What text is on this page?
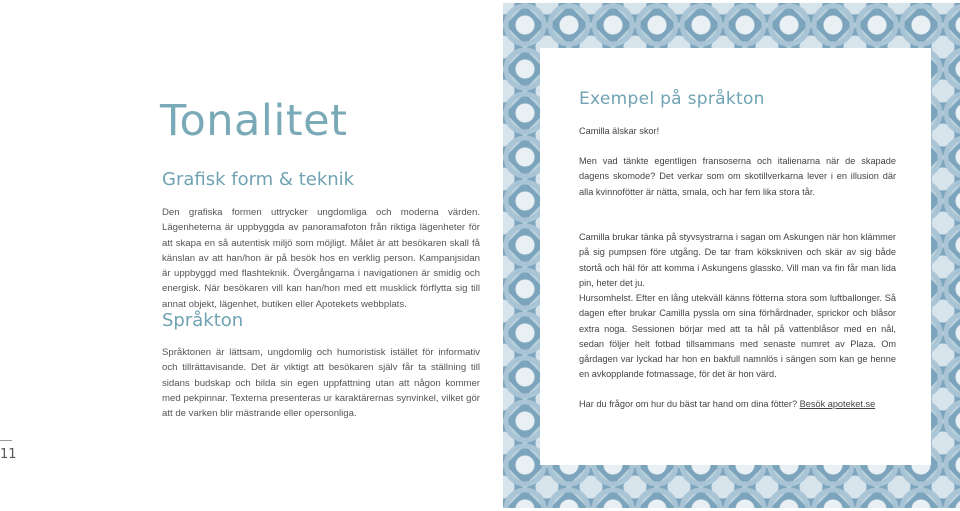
Tonalitet
Grafisk form & teknik

Den grafiska formen uttrycker ungdomliga och moderna värden. Lägenheterna är uppbyggda av panoramafoton från riktiga lägenheter för att skapa en så autentisk miljö som möjligt. Målet är att besökaren skall få känslan av att han/hon är på besök hos en verklig person. Kampanjsidan är uppbyggd med flashteknik. Övergångarna i navigationen är smidig och energisk. När besökaren vill kan han/hon med ett musklick förflytta sig till annat objekt, lägenhet, butiken eller Apotekets webbplats.

Språkton

Språktonen är lättsam, ungdomlig och humoristisk istället för informativ och tillrättavisande. Det är viktigt att besökaren själv får ta ställning till sidans budskap och bilda sin egen uppfattning utan att någon kommer med pekpinnar. Texterna presenteras ur karaktärernas synvinkel, vilket gör att de varken blir mästrande eller opersonliga.

11
Exempel på språkton

Camilla älskar skor!

Men vad tänkte egentligen fransoserna och italienarna när de skapade dagens skomode? Det verkar som om skotillverkarna lever i en illusion där alla kvinnofötter är nätta, smala, och har fem lika stora tår.

Camilla brukar tänka på styvsystrarna i sagan om Askungen när hon klämmer på sig pumpsen före utgång. De tar fram kökskniven och skär av sig både stortå och häl för att komma i Askungens glasskо. Vill man va fin får man lida pin, heter det ju.

Hursomhelst. Efter en lång utekväll känns fötterna stora som luftballonger. Så dagen efter brukar Camilla pyssla om sina förhårdnader, sprickor och blåsor extra noga. Sessionen börjar med att ta hål på vattenblåsor med en nål, sedan följer helt fotbad tillsammans med senaste numret av Plaza. Om gårdagen var lyckad har hon en bakfull namnlös i sängen som kan ge henne en avkopplande fotmassage, för det är hon värd.

Har du frågor om hur du bäst tar hand om dina fötter? Besök apoteket.se
